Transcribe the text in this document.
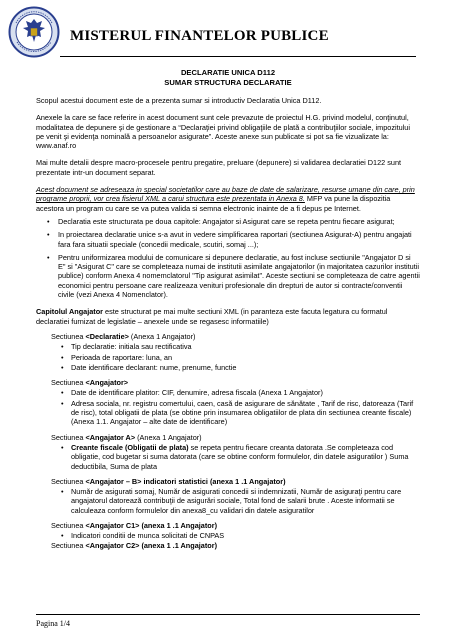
MISTERUL FINANTELOR PUBLICE
DECLARATIE UNICA D112
SUMAR STRUCTURA DECLARATIE

Scopul acestui document este de a prezenta sumar si introductiv Declaratia Unica D112.

Anexele la care se face referire in acest document sunt cele prevazute de proiectul H.G. privind modelul, conţinutul, modalitatea de depunere şi de gestionare a “Declaraţiei privind obligaţiile de plată a contribuţiilor sociale, impozitului pe venit şi evidenţa nominală a persoanelor asigurate”. Aceste anexe sun publicate si pot sa fie vizualizate la: www.anaf.ro

Mai multe detalii despre macro-procesele pentru pregatire, preluare (depunere) si validarea declaratiei D122 sunt prezentate intr-un document separat.

Acest document se adreseaza in special societatilor care au baze de date de salarizare, resurse umane din care, prin programe proprii, vor crea fisierul XML a carui structura este prezentata in Anexa 8. MFP va pune la dispozitia acestora un program cu care se va putea valida si semna electronic inainte de a fi depus pe Internet.

• Declaratia este structurata pe doua capitole: Angajator si Asigurat care se repeta pentru fiecare asigurat;
• In proiectarea declaratie unice s-a avut in vedere simplificarea raportari (sectiunea Asigurat-A) pentru angajati fara fara situatii speciale (concedii medicale, scutiri, somaj ...);
• Pentru uniformizarea modului de comunicare si depunere declaratie, au fost incluse sectiunile "Angajator D si E" si "Asigurat C" care se completeaza numai de institutii asimilate angajatorilor (in majoritatea cazurilor institutii publice) conform Anexa 4 nomemclatorul "Tip asigurat asimilat". Aceste sectiuni se completeaza de catre agentii economici pentru persoane care realizeaza venituri profesionale din drepturi de autor si contracte/conventii civile (vezi Anexa 4 Nomenclator).

Capitolul Angajator este structurat pe mai multe sectiuni XML (in paranteza este facuta legatura cu formatul declaratiei furnizat de legislatie – anexele unde se regasesc informatiile)

Sectiunea <Declaratie> (Anexa 1 Angajator)
• Tip declaratie: initiala sau rectificativa
• Perioada de raportare: luna, an
• Date identificare declarant: nume, prenume, functie
Sectiunea <Angajator>
• Date de identificare platitor: CIF, denumire, adresa fiscala (Anexa 1 Angajator)
• Adresa sociala, nr. registru comertului, caen, casă de asigurare de sănătate , Tarif de risc, datoreaza (Tarif de risc), total obligatii de plata (se obtine prin insumarea obligatiilor de plata din sectiunea creante fiscale) (Anexa 1.1. Angajator – alte date de identificare)
Sectiunea <Angajator A> (Anexa 1 Angajator)
• Creante fiscale (Obligatii de plata) se repeta pentru fiecare creanta datorata .Se completeaza cod obligatie, cod bugetar si suma datorata (care se obtine conform formulelor, din datele asiguratilor ) Suma deductibila, Suma de plata
Sectiunea <Angajator – B> indicatori statistici (anexa 1 .1 Angajator)
• Număr de asigurati somaj, Număr de asigurati concedii si indemnizatii, Număr de asiguraţi pentru care angajatorul datorează contribuţii de asigurări sociale, Total fond de salarii brute . Aceste informatii se calculeaza conform formulelor din anexa8_cu validari din datele asiguratilor
Sectiunea <Angajator C1> (anexa 1 .1 Angajator)
• Indicatori conditii de munca solicitati de CNPAS
Sectiunea <Angajator C2> (anexa 1 .1 Angajator)
Pagina 1/4
